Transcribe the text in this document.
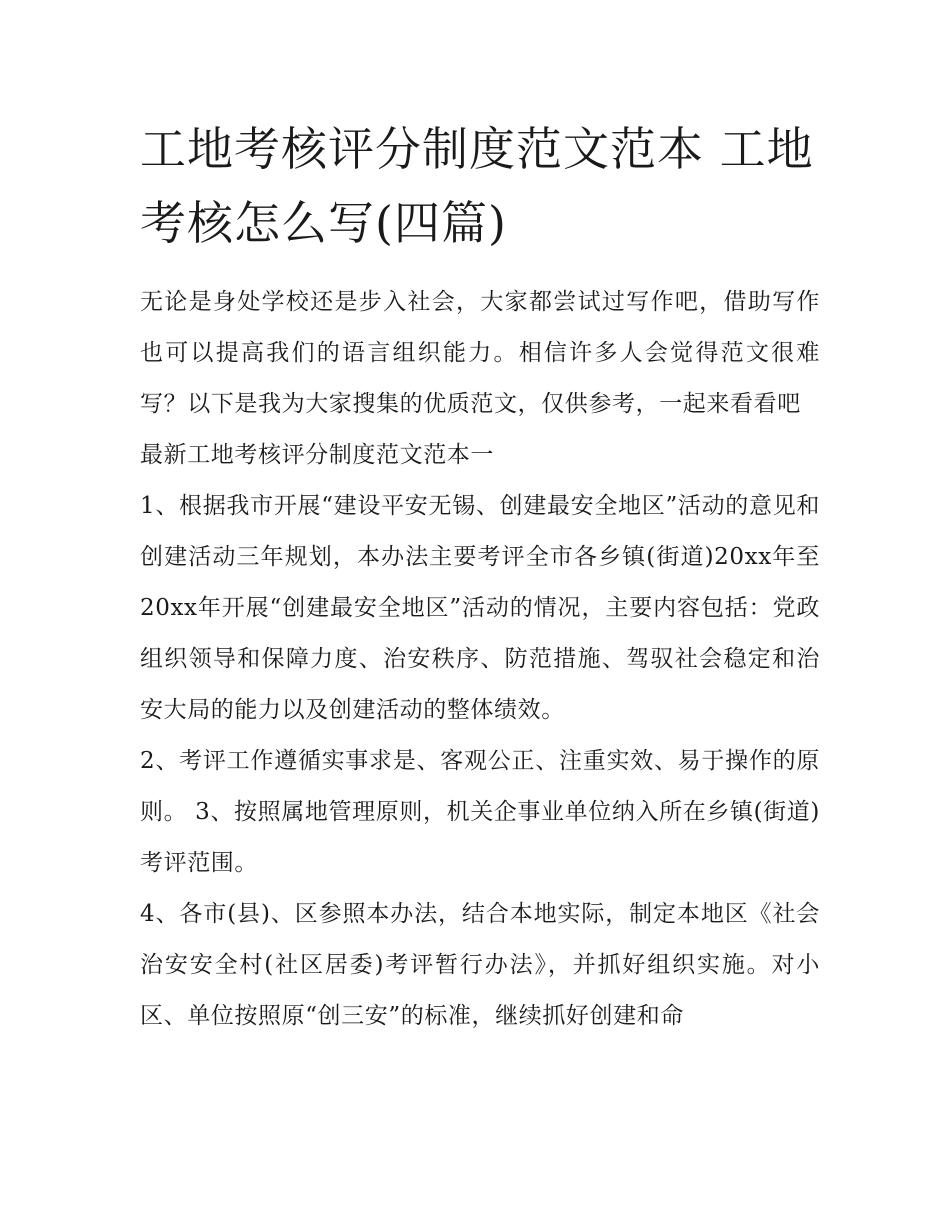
工地考核评分制度范文范本 工地考核怎么写(四篇)

无论是身处学校还是步入社会，大家都尝试过写作吧，借助写作也可以提高我们的语言组织能力。相信许多人会觉得范文很难写？以下是我为大家搜集的优质范文，仅供参考，一起来看看吧

最新工地考核评分制度范文范本一

1、根据我市开展“建设平安无锡、创建最安全地区”活动的意见和创建活动三年规划，本办法主要考评全市各乡镇(街道)20xx年至20xx年开展“创建最安全地区”活动的情况，主要内容包括：党政组织领导和保障力度、治安秩序、防范措施、驾驭社会稳定和治安大局的能力以及创建活动的整体绩效。

2、考评工作遵循实事求是、客观公正、注重实效、易于操作的原则。 3、按照属地管理原则，机关企事业单位纳入所在乡镇(街道)考评范围。

4、各市(县)、区参照本办法，结合本地实际，制定本地区《社会治安安全村(社区居委)考评暂行办法》，并抓好组织实施。对小区、单位按照原“创三安”的标准，继续抓好创建和命
